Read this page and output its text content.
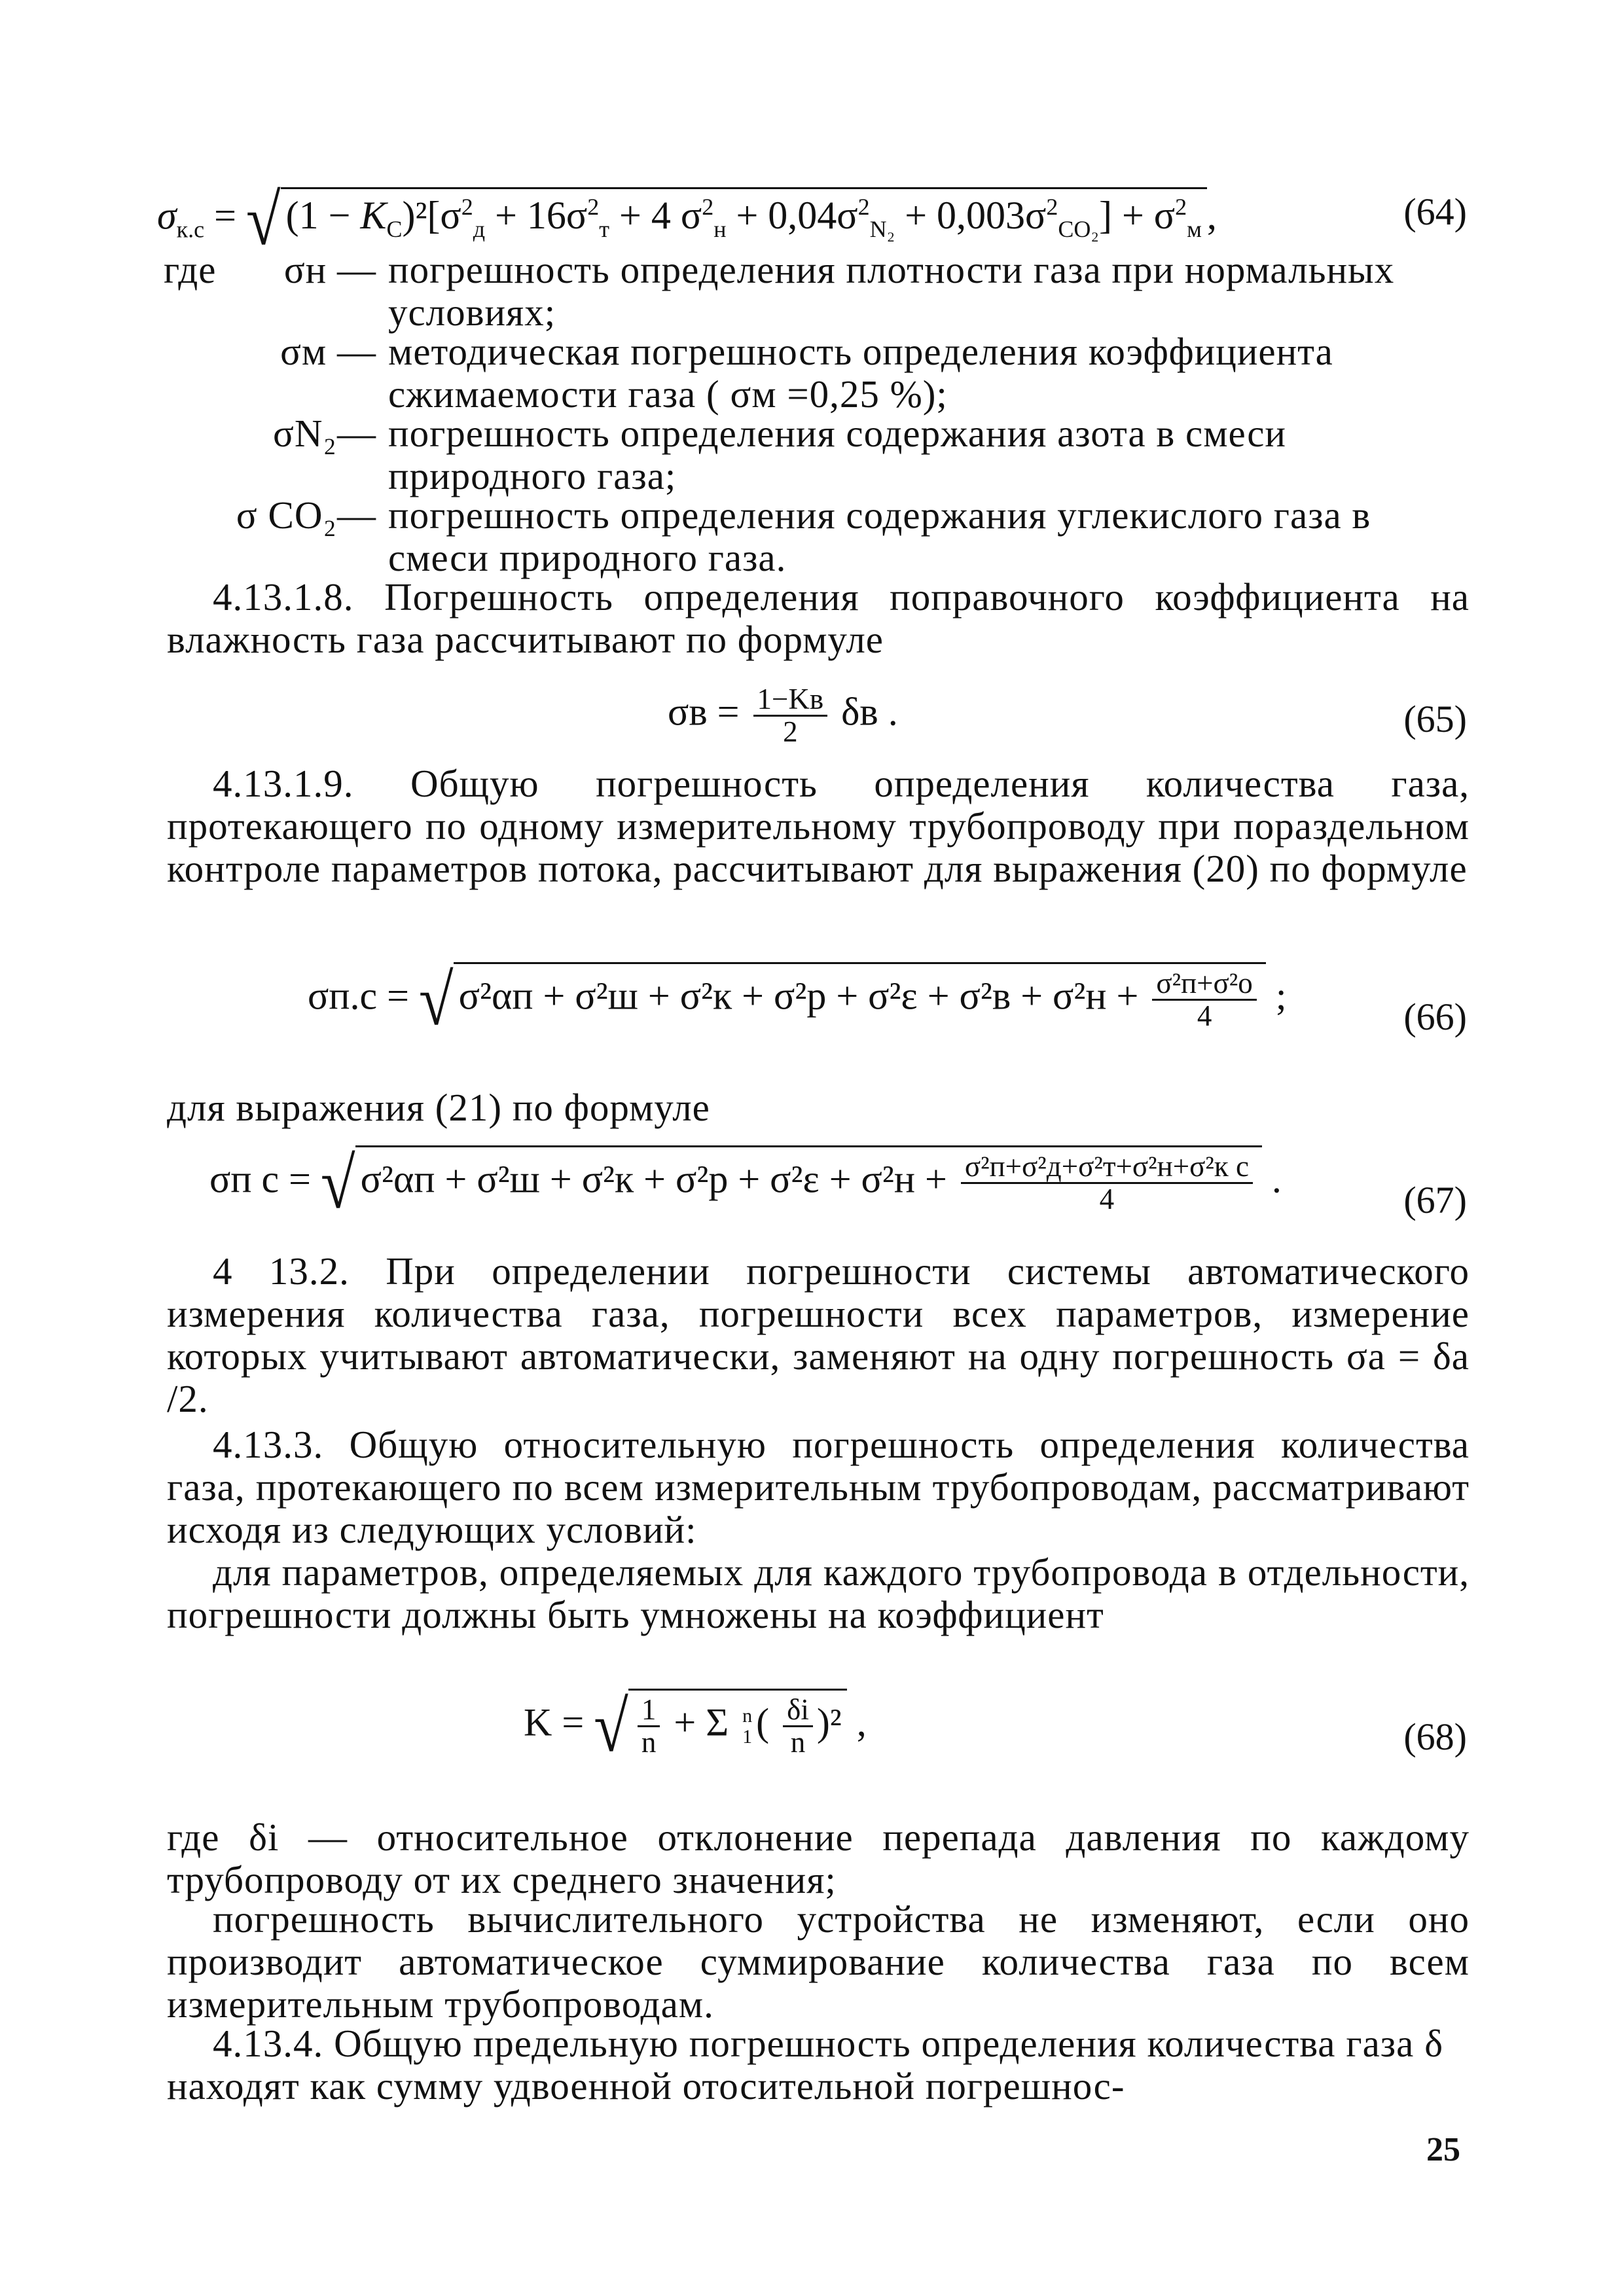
$\sigma_{к.с}$ = √ $(1 - K_C)^2[\sigma^2_д + 16\sigma^2_т + 4$ $\sigma^2_н + 0,04\sigma^2_{N_2} + 0,003\sigma^2_{CO_2}] + \sigma^2_м$ ,	(64)
где	σн — погрешность определения плотности газа при нормальных условиях;

σм — методическая погрешность определения коэффициента сжимаемости газа ( σм =0,25 %);

σN₂— погрешность определения содержания азота в смеси природного газа;

σ CO₂— погрешность определения содержания углекислого газа в смеси природного газа.

4.13.1.8. Погрешность определения поправочного коэффициента на влажность газа рассчитывают по формуле

$\sigma в = \frac{1-Kв}{2}$ δв .	(65)

4.13.1.9. Общую погрешность определения количества газа, протекающего по одному измерительному трубопроводу при пораздельном контроле параметров потока, рассчитывают для выражения (20) по формуле

σп.с = √ $\sigma^2\alpha п + \sigma^2ш + \sigma^2к + \sigma^2р + \sigma^2\varepsilon + \sigma^2в + \sigma^2н + \frac{\text{σ²п+σ²о}}{4}$ ;	(66)

для выражения (21) по формуле

σп с = √ $\sigma^2\alpha п + \sigma^2ш + \sigma^2к + \sigma^2р + \sigma^2\varepsilon + \sigma^2н + \frac{\text{σ²п+σ²д+σ²т+σ²н+σ²к с}}{4}$ .	(67)

4 13.2. При определении погрешности системы автоматического измерения количества газа, погрешности всех параметров, измерение которых учитывают автоматически, заменяют на одну погрешность σа = δа /2.

4.13.3. Общую относительную погрешность определения количества газа, протекающего по всем измерительным трубопроводам, рассматривают исходя из следующих условий:

для параметров, определяемых для каждого трубопровода в отдельности, погрешности должны быть умножены на коэффициент

K = √ $\frac{1}{n} + \Sigma$ n
1 ( $\frac{\delta i}{n} )^2$ ,	(68)

где δi — относительное отклонение перепада давления по каждому трубопроводу от их среднего значения;

погрешность вычислительного устройства не изменяют, если оно производит автоматическое суммирование количества газа по всем измерительным трубопроводам.

4.13.4. Общую предельную погрешность определения количества газа δ находят как сумму удвоенной отосительной погрешнос-

25
